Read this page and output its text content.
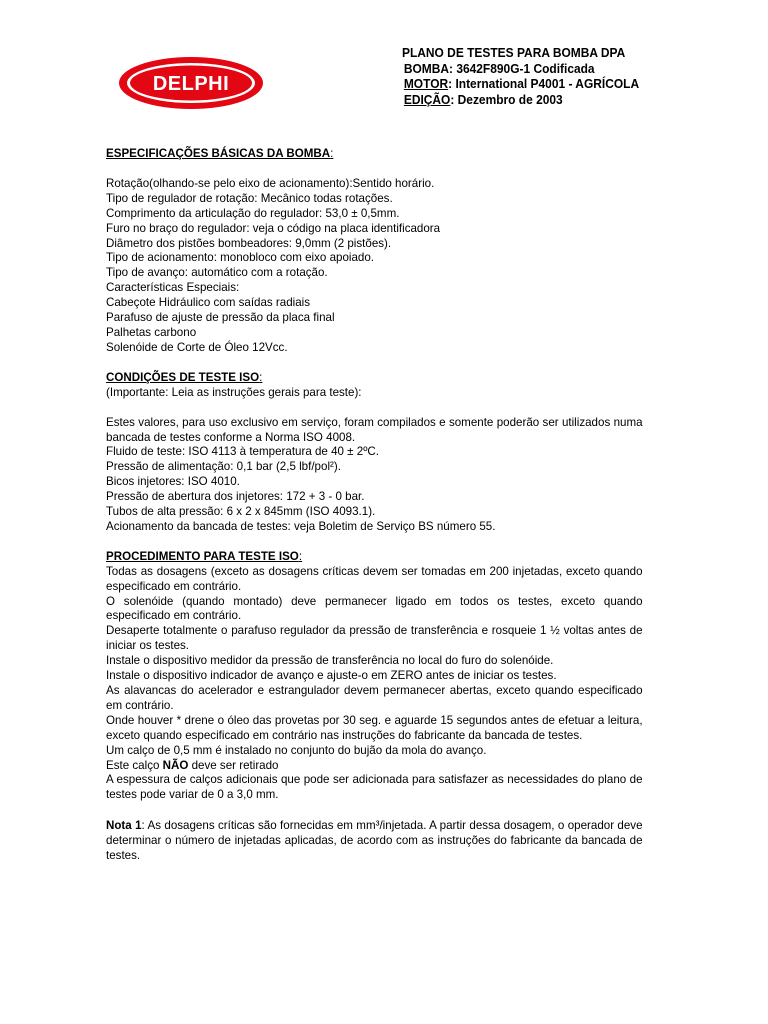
DELPHI
PLANO DE TESTES PARA BOMBA DPA
BOMBA: 3642F890G-1 Codificada
MOTOR: International P4001 - AGRÍCOLA
EDIÇÃO: Dezembro de 2003

ESPECIFICAÇÕES BÁSICAS DA BOMBA:

Rotação(olhando-se pelo eixo de acionamento):Sentido horário.

Tipo de regulador de rotação: Mecânico todas rotações.

Comprimento da articulação do regulador: 53,0 ± 0,5mm.

Furo no braço do regulador: veja o código na placa identificadora

Diâmetro dos pistões bombeadores: 9,0mm (2 pistões).

Tipo de acionamento: monobloco com eixo apoiado.

Tipo de avanço: automático com a rotação.

Características Especiais:

Cabeçote Hidráulico com saídas radiais

Parafuso de ajuste de pressão da placa final

Palhetas carbono

Solenóide de Corte de Óleo 12Vcc.

CONDIÇÕES DE TESTE ISO:

(Importante: Leia as instruções gerais para teste):

Estes valores, para uso exclusivo em serviço, foram compilados e somente poderão ser utilizados numa bancada de testes conforme a Norma ISO 4008.

Fluido de teste: ISO 4113 à temperatura de 40 ± 2ºC.

Pressão de alimentação: 0,1 bar (2,5 lbf/pol²).

Bicos injetores: ISO 4010.

Pressão de abertura dos injetores: 172 + 3 - 0 bar.

Tubos de alta pressão: 6 x 2 x 845mm (ISO 4093.1).

Acionamento da bancada de testes: veja Boletim de Serviço BS número 55.

PROCEDIMENTO PARA TESTE ISO:

Todas as dosagens (exceto as dosagens críticas devem ser tomadas em 200 injetadas, exceto quando especificado em contrário.

O solenóide (quando montado) deve permanecer ligado em todos os testes, exceto quando especificado em contrário.

Desaperte totalmente o parafuso regulador da pressão de transferência e rosqueie 1 ½ voltas antes de iniciar os testes.

Instale o dispositivo medidor da pressão de transferência no local do furo do solenóide.

Instale o dispositivo indicador de avanço e ajuste-o em ZERO antes de iniciar os testes.

As alavancas do acelerador e estrangulador devem permanecer abertas, exceto quando especificado em contrário.

Onde houver * drene o óleo das provetas por 30 seg. e aguarde 15 segundos antes de efetuar a leitura, exceto quando especificado em contrário nas instruções do fabricante da bancada de testes.

Um calço de 0,5 mm é instalado no conjunto do bujão da mola do avanço.

Este calço NÃO deve ser retirado

A espessura de calços adicionais que pode ser adicionada para satisfazer as necessidades do plano de testes pode variar de 0 a 3,0 mm.

Nota 1: As dosagens críticas são fornecidas em mm³/injetada. A partir dessa dosagem, o operador deve determinar o número de injetadas aplicadas, de acordo com as instruções do fabricante da bancada de testes.
